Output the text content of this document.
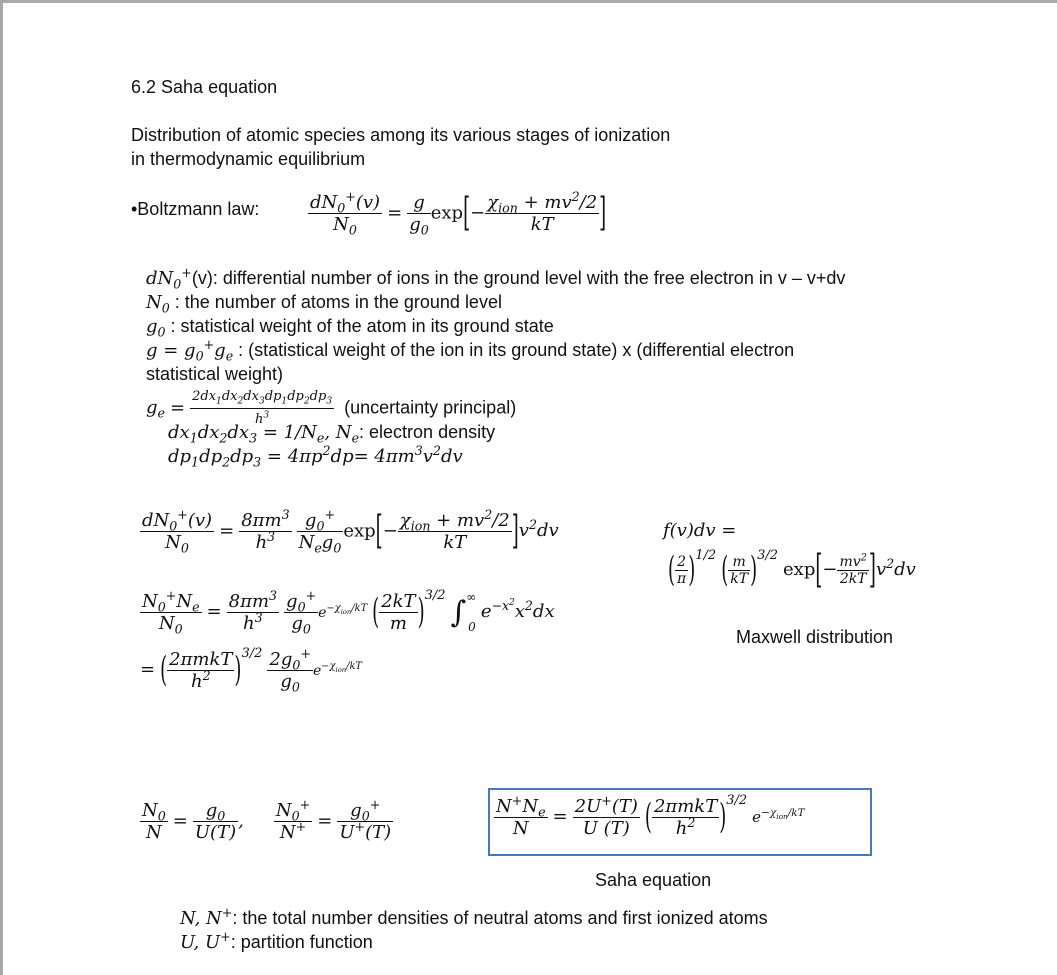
6.2 Saha equation
Distribution of atomic species among its various stages of ionization
in thermodynamic equilibrium
•Boltzmann law:	$\frac{dN_0^+(v)}{N_0} = \frac{g}{g_0} \exp[- \frac{\chi_{ion} + mv^2/2}{kT}$ ]
$dN_0^+(v)$: differential number of ions in the ground level with the free electron in v – v+dv
$N_0$ : the number of atoms in the ground level
$g_0$ : statistical weight of the atom in its ground state
$g = g_0^+g_e$ : (statistical weight of the ion in its ground state) x (differential electron
statistical weight)
$g_e = \frac{2dx_1dx_2dx_3dp_1dp_2dp_3}{h^3}$ (uncertainty principal)
$dx_1dx_2dx_3 = 1/N_e$, $N_e$: electron density
$dp_1dp_2dp_3 = 4\pi p^2dp= 4\pi m^3v^2dv$
$\frac{dN_0^+(v)}{N_0} = \frac{8\pi m^3}{h^3}$
$\frac{g_0^+}{N_eg_0} \exp[- \frac{\chi_{ion} + mv^2/2}{kT} ]v^2dv$
$\frac{N_0^+N_e}{N_0} = \frac{8\pi m^3}{h^3}$
$\frac{g_0^+}{g_0} e^{-\chi_{ion}/kT}$ ( $\frac{2kT}{m} )^{3/2}$ $\int^\infty_0$ $e^{-x^2}x^2dx$
= ( $\frac{\text{2πmkT}}{h^2} )^{3/2} \frac{2g_0^+}{g_0} e^{-\chi_{ion}/kT}$
f(v)dv =
( $\frac{2}{\pi} )^{1/2}$ ( $\frac{m}{kT} )^{3/2}$ $\exp[- \frac{mv^2}{2kT} ]v^2dv$
Maxwell distribution
$\frac{N_0}{N} = \frac{g_0}{U(T)}$ , $\frac{N_0^+}{N^+} = \frac{g_0^+}{U^+(T)}$	$\frac{N^+N_e}{N} = \frac{2U^+(T)}{U (T)}$ ( $\frac{\text{2πmkT}}{h^2} )^{3/2}$ $e^{-\chi_{ion}/kT}$
Saha equation
N, N+: the total number densities of neutral atoms and first ionized atoms
U, U+: partition function
